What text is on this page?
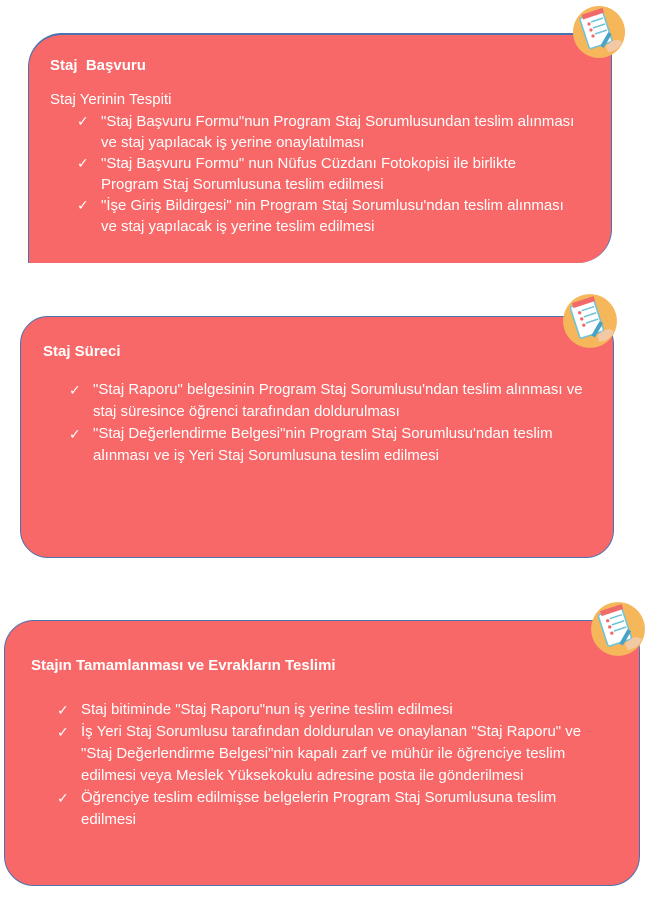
Staj  Başvuru
Staj Yerinin Tespiti
✓ "Staj Başvuru Formu"nun Program Staj Sorumlusundan teslim alınması ve staj yapılacak iş yerine onaylatılması
✓ "Staj Başvuru Formu" nun Nüfus Cüzdanı Fotokopisi ile birlikte Program Staj Sorumlusuna teslim edilmesi
✓ "İşe Giriş Bildirgesi" nin Program Staj Sorumlusu'ndan teslim alınması ve staj yapılacak iş yerine teslim edilmesi
Staj Süreci
✓ "Staj Raporu" belgesinin Program Staj Sorumlusu'ndan teslim alınması ve staj süresince öğrenci tarafından doldurulması
✓ "Staj Değerlendirme Belgesi"nin Program Staj Sorumlusu'ndan teslim alınması ve iş Yeri Staj Sorumlusuna teslim edilmesi
Stajın Tamamlanması ve Evrakların Teslimi
✓ Staj bitiminde "Staj Raporu"nun iş yerine teslim edilmesi
✓ İş Yeri Staj Sorumlusu tarafından doldurulan ve onaylanan "Staj Raporu" ve "Staj Değerlendirme Belgesi"nin kapalı zarf ve mühür ile öğrenciye teslim edilmesi veya Meslek Yüksekokulu adresine posta ile gönderilmesi
✓ Öğrenciye teslim edilmişse belgelerin Program Staj Sorumlusuna teslim edilmesi
